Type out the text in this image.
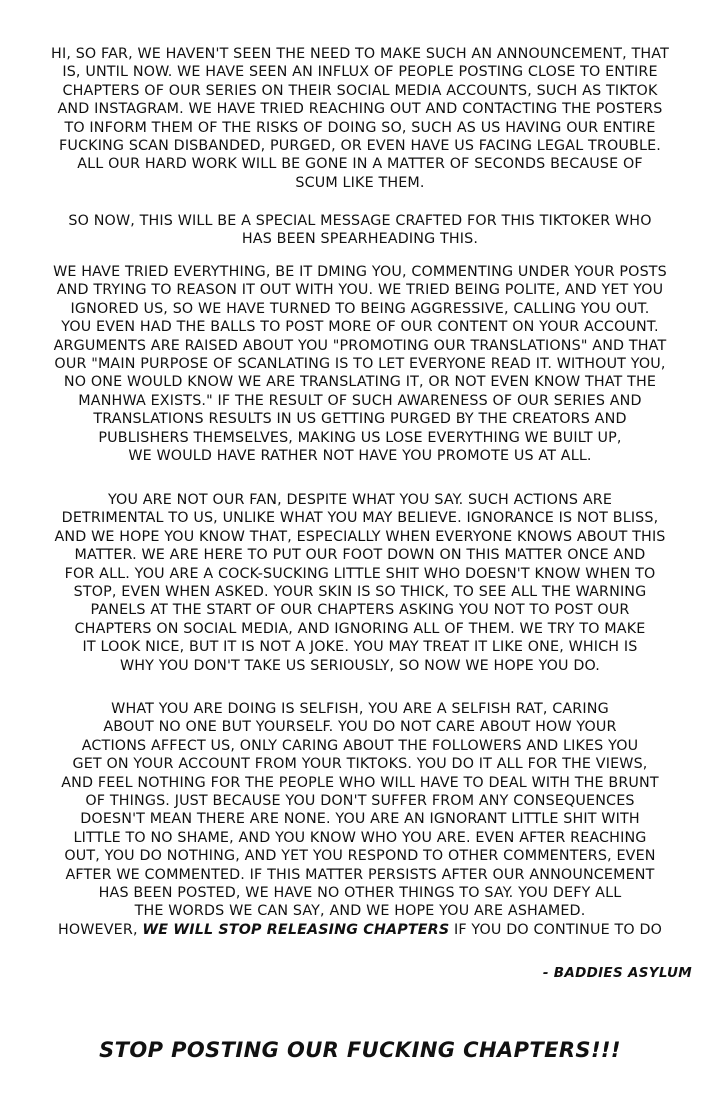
HI, SO FAR, WE HAVEN'T SEEN THE NEED TO MAKE SUCH AN ANNOUNCEMENT, THAT
IS, UNTIL NOW. WE HAVE SEEN AN INFLUX OF PEOPLE POSTING CLOSE TO ENTIRE
CHAPTERS OF OUR SERIES ON THEIR SOCIAL MEDIA ACCOUNTS, SUCH AS TIKTOK
AND INSTAGRAM. WE HAVE TRIED REACHING OUT AND CONTACTING THE POSTERS
TO INFORM THEM OF THE RISKS OF DOING SO, SUCH AS US HAVING OUR ENTIRE
FUCKING SCAN DISBANDED, PURGED, OR EVEN HAVE US FACING LEGAL TROUBLE.
ALL OUR HARD WORK WILL BE GONE IN A MATTER OF SECONDS BECAUSE OF
SCUM LIKE THEM.

SO NOW, THIS WILL BE A SPECIAL MESSAGE CRAFTED FOR THIS TIKTOKER WHO
HAS BEEN SPEARHEADING THIS.

WE HAVE TRIED EVERYTHING, BE IT DMING YOU, COMMENTING UNDER YOUR POSTS
AND TRYING TO REASON IT OUT WITH YOU. WE TRIED BEING POLITE, AND YET YOU
IGNORED US, SO WE HAVE TURNED TO BEING AGGRESSIVE, CALLING YOU OUT.
YOU EVEN HAD THE BALLS TO POST MORE OF OUR CONTENT ON YOUR ACCOUNT.
ARGUMENTS ARE RAISED ABOUT YOU "PROMOTING OUR TRANSLATIONS" AND THAT
OUR "MAIN PURPOSE OF SCANLATING IS TO LET EVERYONE READ IT. WITHOUT YOU,
NO ONE WOULD KNOW WE ARE TRANSLATING IT, OR NOT EVEN KNOW THAT THE
MANHWA EXISTS." IF THE RESULT OF SUCH AWARENESS OF OUR SERIES AND
TRANSLATIONS RESULTS IN US GETTING PURGED BY THE CREATORS AND
PUBLISHERS THEMSELVES, MAKING US LOSE EVERYTHING WE BUILT UP,
WE WOULD HAVE RATHER NOT HAVE YOU PROMOTE US AT ALL.

YOU ARE NOT OUR FAN, DESPITE WHAT YOU SAY. SUCH ACTIONS ARE
DETRIMENTAL TO US, UNLIKE WHAT YOU MAY BELIEVE. IGNORANCE IS NOT BLISS,
AND WE HOPE YOU KNOW THAT, ESPECIALLY WHEN EVERYONE KNOWS ABOUT THIS
MATTER. WE ARE HERE TO PUT OUR FOOT DOWN ON THIS MATTER ONCE AND
FOR ALL. YOU ARE A COCK-SUCKING LITTLE SHIT WHO DOESN'T KNOW WHEN TO
STOP, EVEN WHEN ASKED. YOUR SKIN IS SO THICK, TO SEE ALL THE WARNING
PANELS AT THE START OF OUR CHAPTERS ASKING YOU NOT TO POST OUR
CHAPTERS ON SOCIAL MEDIA, AND IGNORING ALL OF THEM. WE TRY TO MAKE
IT LOOK NICE, BUT IT IS NOT A JOKE. YOU MAY TREAT IT LIKE ONE, WHICH IS
WHY YOU DON'T TAKE US SERIOUSLY, SO NOW WE HOPE YOU DO.

WHAT YOU ARE DOING IS SELFISH, YOU ARE A SELFISH RAT, CARING
ABOUT NO ONE BUT YOURSELF. YOU DO NOT CARE ABOUT HOW YOUR
ACTIONS AFFECT US, ONLY CARING ABOUT THE FOLLOWERS AND LIKES YOU
GET ON YOUR ACCOUNT FROM YOUR TIKTOKS. YOU DO IT ALL FOR THE VIEWS,
AND FEEL NOTHING FOR THE PEOPLE WHO WILL HAVE TO DEAL WITH THE BRUNT
OF THINGS. JUST BECAUSE YOU DON'T SUFFER FROM ANY CONSEQUENCES
DOESN'T MEAN THERE ARE NONE. YOU ARE AN IGNORANT LITTLE SHIT WITH
LITTLE TO NO SHAME, AND YOU KNOW WHO YOU ARE. EVEN AFTER REACHING
OUT, YOU DO NOTHING, AND YET YOU RESPOND TO OTHER COMMENTERS, EVEN
AFTER WE COMMENTED. IF THIS MATTER PERSISTS AFTER OUR ANNOUNCEMENT
HAS BEEN POSTED, WE HAVE NO OTHER THINGS TO SAY. YOU DEFY ALL
THE WORDS WE CAN SAY, AND WE HOPE YOU ARE ASHAMED.
HOWEVER, WE WILL STOP RELEASING CHAPTERS IF YOU DO CONTINUE TO DO

- BADDIES ASYLUM
STOP POSTING OUR FUCKING CHAPTERS!!!
